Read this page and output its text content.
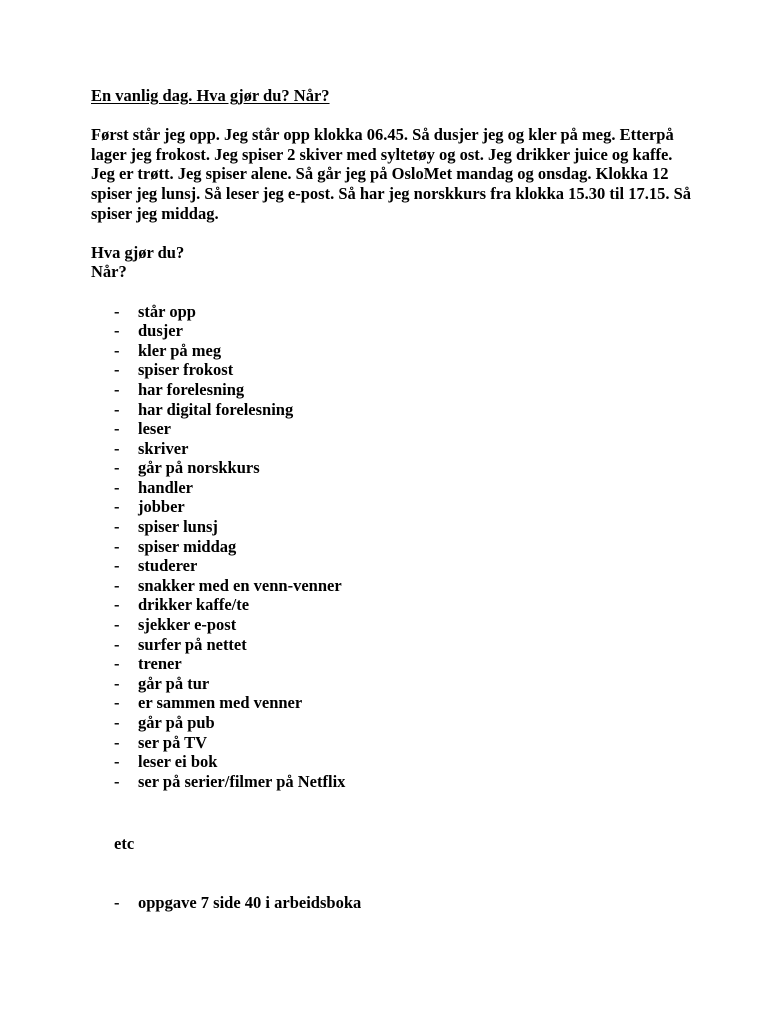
En vanlig dag. Hva gjør du? Når?

Først står jeg opp. Jeg står opp klokka 06.45. Så dusjer jeg og kler på meg. Etterpå lager jeg frokost. Jeg spiser 2 skiver med syltetøy og ost. Jeg drikker juice og kaffe. Jeg er trøtt. Jeg spiser alene. Så går jeg på OsloMet mandag og onsdag. Klokka 12 spiser jeg lunsj. Så leser jeg e-post. Så har jeg norskkurs fra klokka 15.30 til 17.15. Så spiser jeg middag.

Hva gjør du?
Når?
- står opp
- dusjer
- kler på meg
- spiser frokost
- har forelesning
- har digital forelesning
- leser
- skriver
- går på norskkurs
- handler
- jobber
- spiser lunsj
- spiser middag
- studerer
- snakker med en venn-venner
- drikker kaffe/te
- sjekker e-post
- surfer på nettet
- trener
- går på tur
- er sammen med venner
- går på pub
- ser på TV
- leser ei bok
- ser på serier/filmer på Netflix
etc
- oppgave 7 side 40 i arbeidsboka
